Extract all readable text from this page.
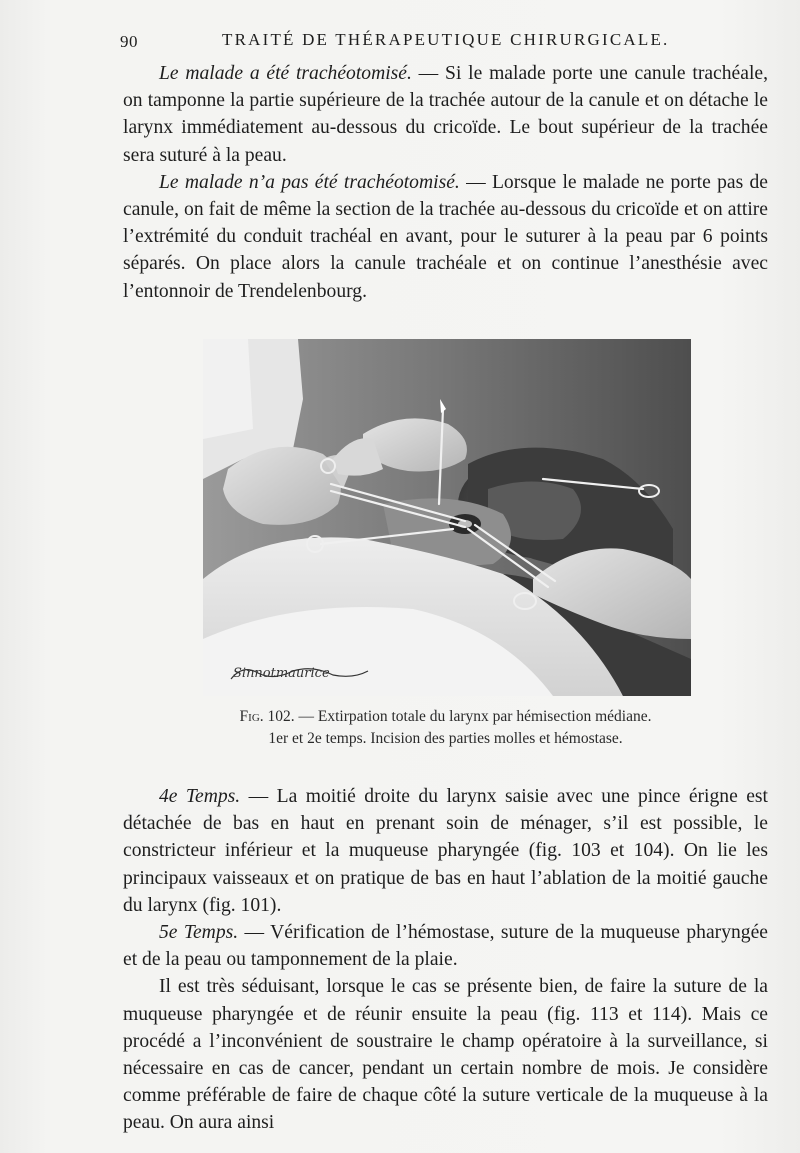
90	TRAITÉ DE THÉRAPEUTIQUE CHIRURGICALE.

Le malade a été trachéotomisé. — Si le malade porte une canule trachéale, on tamponne la partie supérieure de la trachée autour de la canule et on détache le larynx immédiatement au-dessous du cricoïde. Le bout supérieur de la trachée sera suturé à la peau.

Le malade n’a pas été trachéotomisé. — Lorsque le malade ne porte pas de canule, on fait de même la section de la trachée au-dessous du cricoïde et on attire l’extrémité du conduit trachéal en avant, pour le suturer à la peau par 6 points séparés. On place alors la canule trachéale et on continue l’anesthésie avec l’entonnoir de Trendelenbourg.

Sinnotmaurice
Fig. 102. — Extirpation totale du larynx par hémisection médiane.
1er et 2e temps. Incision des parties molles et hémostase.

4e Temps. — La moitié droite du larynx saisie avec une pince érigne est détachée de bas en haut en prenant soin de ménager, s’il est possible, le constricteur inférieur et la muqueuse pharyngée (fig. 103 et 104). On lie les principaux vaisseaux et on pratique de bas en haut l’ablation de la moitié gauche du larynx (fig. 101).

5e Temps. — Vérification de l’hémostase, suture de la muqueuse pharyngée et de la peau ou tamponnement de la plaie.

Il est très séduisant, lorsque le cas se présente bien, de faire la suture de la muqueuse pharyngée et de réunir ensuite la peau (fig. 113 et 114). Mais ce procédé a l’inconvénient de soustraire le champ opératoire à la surveillance, si nécessaire en cas de cancer, pendant un certain nombre de mois. Je considère comme préférable de faire de chaque côté la suture verticale de la muqueuse à la peau. On aura ainsi
